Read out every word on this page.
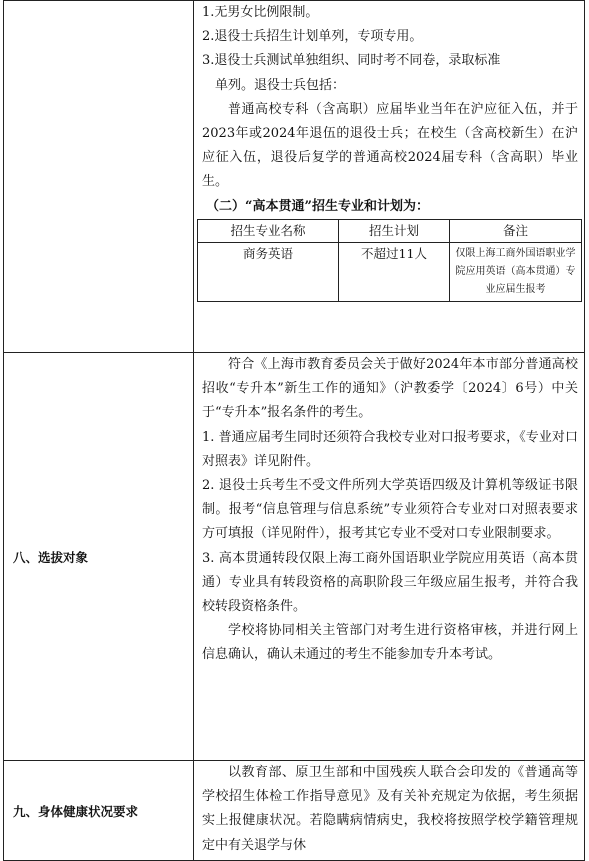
1.无男女比例限制。

2.退役士兵招生计划单列，专项专用。

3.退役士兵测试单独组织、同时考不同卷，录取标准

单列。退役士兵包括：

普通高校专科（含高职）应届毕业当年在沪应征入伍，并于2023年或2024年退伍的退役士兵；在校生（含高校新生）在沪应征入伍，退役后复学的普通高校2024届专科（含高职）毕业生。

（二）“高本贯通”招生专业和计划为：

招生专业名称	招生计划	备注
商务英语	不超过11人	仅限上海工商外国语职业学院应用英语（高本贯通）专业应届生报考

八、选拔对象

符合《上海市教育委员会关于做好2024年本市部分普通高校招收“专升本”新生工作的通知》（沪教委学〔2024〕6号）中关于“专升本”报名条件的考生。

1. 普通应届考生同时还须符合我校专业对口报考要求，《专业对口对照表》详见附件。

2. 退役士兵考生不受文件所列大学英语四级及计算机等级证书限制。报考“信息管理与信息系统”专业须符合专业对口对照表要求方可填报（详见附件），报考其它专业不受对口专业限制要求。

3. 高本贯通转段仅限上海工商外国语职业学院应用英语（高本贯通）专业具有转段资格的高职阶段三年级应届生报考，并符合我校转段资格条件。

学校将协同相关主管部门对考生进行资格审核，并进行网上信息确认，确认未通过的考生不能参加专升本考试。

九、身体健康状况要求

以教育部、原卫生部和中国残疾人联合会印发的《普通高等学校招生体检工作指导意见》及有关补充规定为依据，考生须据实上报健康状况。若隐瞒病情病史，我校将按照学校学籍管理规定中有关退学与休
